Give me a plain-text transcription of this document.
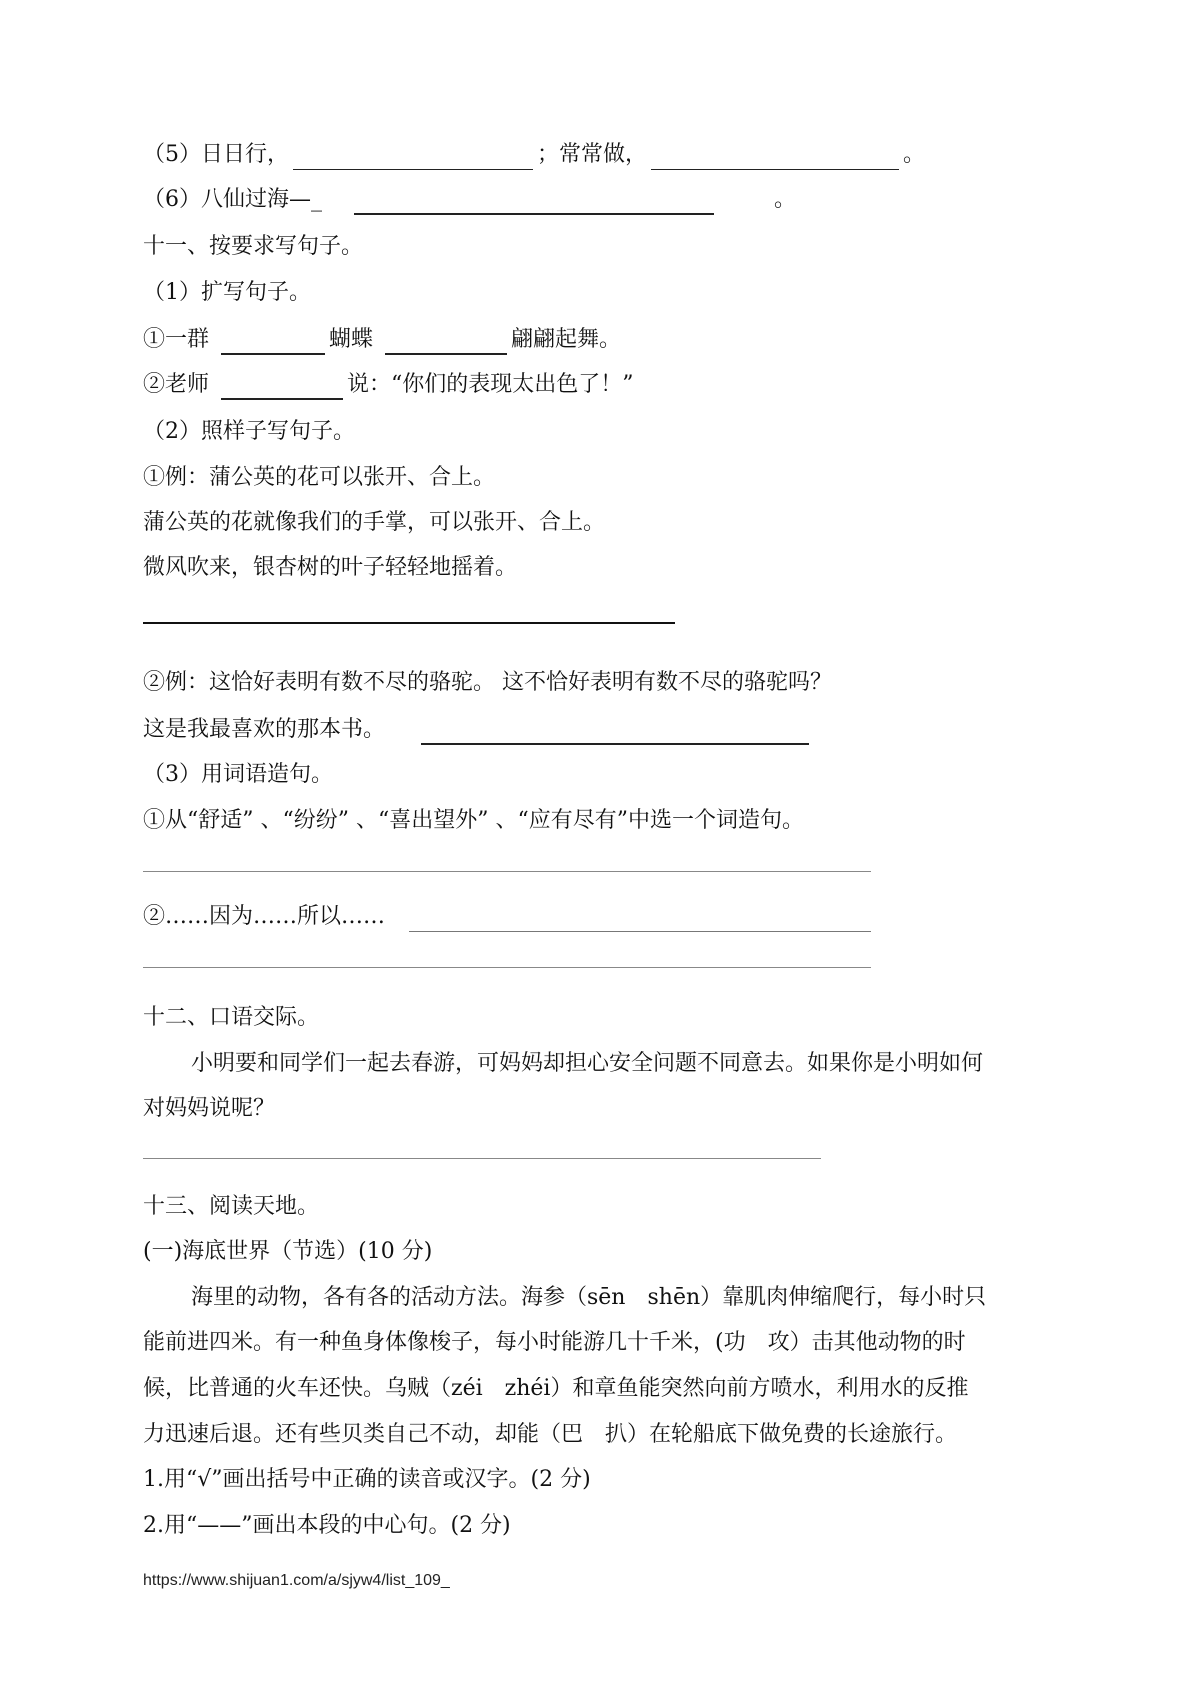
（5）日日行，	；常常做，	。
（6）八仙过海—_	。
十一、按要求写句子。
（1）扩写句子。
①一群	蝴蝶	翩翩起舞。
②老师	说：“你们的表现太出色了！”
（2）照样子写句子。
①例：蒲公英的花可以张开、合上。
蒲公英的花就像我们的手掌，可以张开、合上。
微风吹来，银杏树的叶子轻轻地摇着。
②例：这恰好表明有数不尽的骆驼。 这不恰好表明有数不尽的骆驼吗？
这是我最喜欢的那本书。
（3）用词语造句。
①从“舒适” 、“纷纷” 、“喜出望外” 、“应有尽有”中选一个词造句。
②……因为……所以……
十二、口语交际。
小明要和同学们一起去春游，可妈妈却担心安全问题不同意去。如果你是小明如何
对妈妈说呢？
十三、阅读天地。
(一)海底世界（节选）(10 分)
海里的动物，各有各的活动方法。海参（sēn　shēn）靠肌肉伸缩爬行，每小时只
能前进四米。有一种鱼身体像梭子，每小时能游几十千米，(功　攻）击其他动物的时
候，比普通的火车还快。乌贼（zéi　zhéi）和章鱼能突然向前方喷水，利用水的反推
力迅速后退。还有些贝类自己不动，却能（巴　扒）在轮船底下做免费的长途旅行。
1.用“√”画出括号中正确的读音或汉字。(2 分)
2.用“——”画出本段的中心句。(2 分)
https://www.shijuan1.com/a/sjyw4/list_109_
